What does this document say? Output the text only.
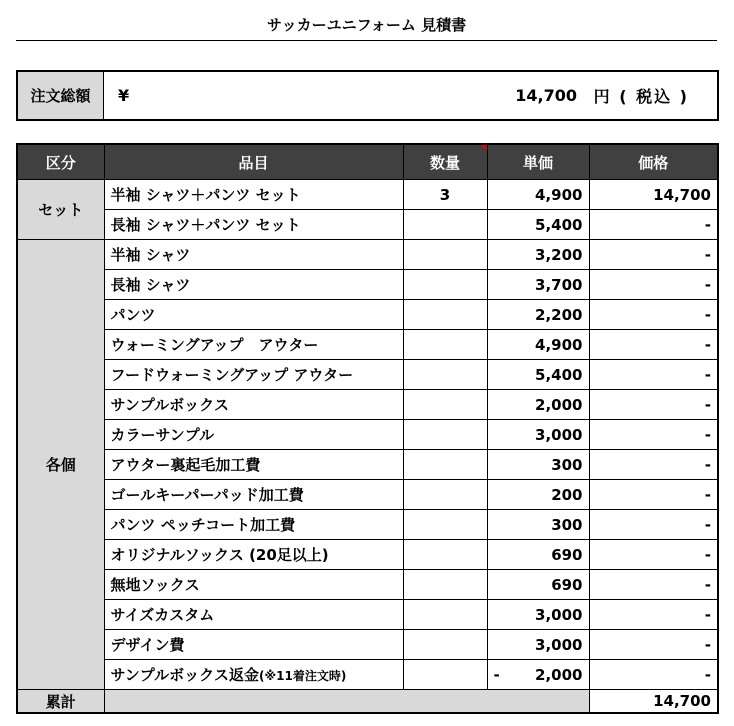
サッカーユニフォーム 見積書
注文総額	¥	14,700 円 ( 税込 )
区分	品目	数量	単価	価格
セット	半袖 シャツ＋パンツ セット	3	4,900	14,700
	長袖 シャツ＋パンツ セット		5,400	-
各個	半袖 シャツ		3,200	-
	長袖 シャツ		3,700	-
	パンツ		2,200	-
	ウォーミングアップ　アウター		4,900	-
	フードウォーミングアップ アウター		5,400	-
	サンプルボックス		2,000	-
	カラーサンプル		3,000	-
	アウター裏起毛加工費		300	-
	ゴールキーパーパッド加工費		200	-
	パンツ ペッチコート加工費		300	-
	オリジナルソックス (20足以上)		690	-
	無地ソックス		690	-
	サイズカスタム		3,000	-
	デザイン費		3,000	-
	サンプルボックス返金(※11着注文時)		- 2,000	-
累計				14,700
